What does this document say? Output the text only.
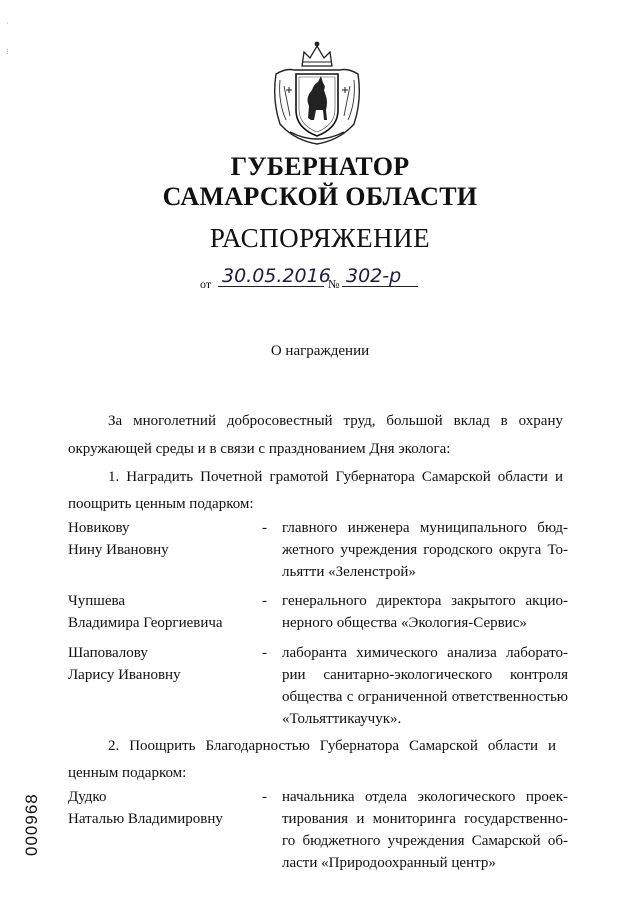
·
⁝
ГУБЕРНАТОР
САМАРСКОЙ ОБЛАСТИ
РАСПОРЯЖЕНИЕ
от 30.05.2016
№ 302-р
О награждении
За многолетний добросовестный труд, большой вклад в охрану
окружающей среды и в связи с празднованием Дня эколога:
1. Наградить Почетной грамотой Губернатора Самарской области и
поощрить ценным подарком:
Новикову
Нину Ивановну
- главного инженера муниципального бюд-
жетного учреждения городского округа То-
льятти «Зеленстрой»
Чупшева
Владимира Георгиевича
- генерального директора закрытого акцио-
нерного общества «Экология-Сервис»
Шаповалову
Ларису Ивановну
- лаборанта химического анализа лаборато-
рии санитарно-экологического контроля
общества с ограниченной ответственностью
«Тольяттикаучук».
2. Поощрить Благодарностью Губернатора Самарской области и
ценным подарком:
Дудко
Наталью Владимировну
- начальника отдела экологического проек-
тирования и мониторинга государственно-
го бюджетного учреждения Самарской об-
ласти «Природоохранный центр»
000968
